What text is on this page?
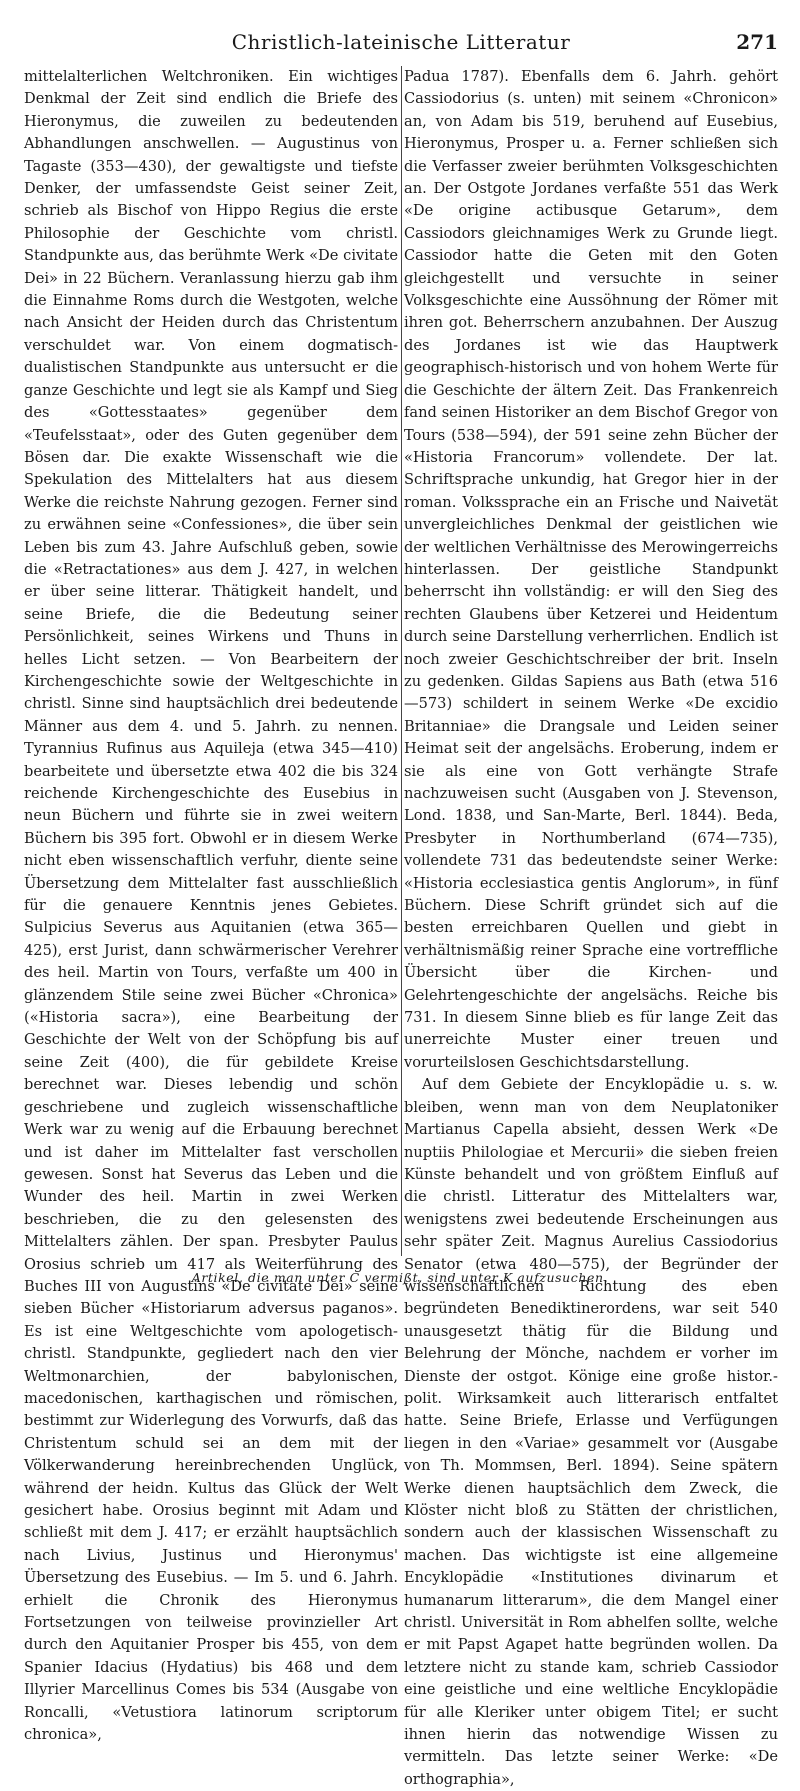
Christlich-lateinische Litteratur	271

mittelalterlichen Weltchroniken. Ein wichtiges Denkmal der Zeit sind endlich die Briefe des Hieronymus, die zuweilen zu bedeutenden Abhandlungen anschwellen. — Augustinus von Tagaste (353—430), der gewaltigste und tiefste Denker, der umfassendste Geist seiner Zeit, schrieb als Bischof von Hippo Regius die erste Philosophie der Geschichte vom christl. Standpunkte aus, das berühmte Werk «De civitate Dei» in 22 Büchern. Veranlassung hierzu gab ihm die Einnahme Roms durch die Westgoten, welche nach Ansicht der Heiden durch das Christentum verschuldet war. Von einem dogmatisch-dualistischen Standpunkte aus untersucht er die ganze Geschichte und legt sie als Kampf und Sieg des «Gottesstaates» gegenüber dem «Teufelsstaat», oder des Guten gegenüber dem Bösen dar. Die exakte Wissenschaft wie die Spekulation des Mittelalters hat aus diesem Werke die reichste Nahrung gezogen. Ferner sind zu erwähnen seine «Confessiones», die über sein Leben bis zum 43. Jahre Aufschluß geben, sowie die «Retractationes» aus dem J. 427, in welchen er über seine litterar. Thätigkeit handelt, und seine Briefe, die die Bedeutung seiner Persönlichkeit, seines Wirkens und Thuns in helles Licht setzen. — Von Bearbeitern der Kirchengeschichte sowie der Weltgeschichte in christl. Sinne sind hauptsächlich drei bedeutende Männer aus dem 4. und 5. Jahrh. zu nennen. Tyrannius Rufinus aus Aquileja (etwa 345—410) bearbeitete und übersetzte etwa 402 die bis 324 reichende Kirchengeschichte des Eusebius in neun Büchern und führte sie in zwei weitern Büchern bis 395 fort. Obwohl er in diesem Werke nicht eben wissenschaftlich verfuhr, diente seine Übersetzung dem Mittelalter fast ausschließlich für die genauere Kenntnis jenes Gebietes. Sulpicius Severus aus Aquitanien (etwa 365—425), erst Jurist, dann schwärmerischer Verehrer des heil. Martin von Tours, verfaßte um 400 in glänzendem Stile seine zwei Bücher «Chronica» («Historia sacra»), eine Bearbeitung der Geschichte der Welt von der Schöpfung bis auf seine Zeit (400), die für gebildete Kreise berechnet war. Dieses lebendig und schön geschriebene und zugleich wissenschaftliche Werk war zu wenig auf die Erbauung berechnet und ist daher im Mittelalter fast verschollen gewesen. Sonst hat Severus das Leben und die Wunder des heil. Martin in zwei Werken beschrieben, die zu den gelesensten des Mittelalters zählen. Der span. Presbyter Paulus Orosius schrieb um 417 als Weiterführung des Buches III von Augustins «De civitate Dei» seine sieben Bücher «Historiarum adversus paganos». Es ist eine Weltgeschichte vom apologetisch-christl. Standpunkte, gegliedert nach den vier Weltmonarchien, der babylonischen, macedonischen, karthagischen und römischen, bestimmt zur Widerlegung des Vorwurfs, daß das Christentum schuld sei an dem mit der Völkerwanderung hereinbrechenden Unglück, während der heidn. Kultus das Glück der Welt gesichert habe. Orosius beginnt mit Adam und schließt mit dem J. 417; er erzählt hauptsächlich nach Livius, Justinus und Hieronymus' Übersetzung des Eusebius. — Im 5. und 6. Jahrh. erhielt die Chronik des Hieronymus Fortsetzungen von teilweise provinzieller Art durch den Aquitanier Prosper bis 455, von dem Spanier Idacius (Hydatius) bis 468 und dem Illyrier Marcellinus Comes bis 534 (Ausgabe von Roncalli, «Vetustiora latinorum scriptorum chronica»,

Padua 1787). Ebenfalls dem 6. Jahrh. gehört Cassiodorius (s. unten) mit seinem «Chronicon» an, von Adam bis 519, beruhend auf Eusebius, Hieronymus, Prosper u. a. Ferner schließen sich die Verfasser zweier berühmten Volksgeschichten an. Der Ostgote Jordanes verfaßte 551 das Werk «De origine actibusque Getarum», dem Cassiodors gleichnamiges Werk zu Grunde liegt. Cassiodor hatte die Geten mit den Goten gleichgestellt und versuchte in seiner Volksgeschichte eine Aussöhnung der Römer mit ihren got. Beherrschern anzubahnen. Der Auszug des Jordanes ist wie das Hauptwerk geographisch-historisch und von hohem Werte für die Geschichte der ältern Zeit. Das Frankenreich fand seinen Historiker an dem Bischof Gregor von Tours (538—594), der 591 seine zehn Bücher der «Historia Francorum» vollendete. Der lat. Schriftsprache unkundig, hat Gregor hier in der roman. Volkssprache ein an Frische und Naivetät unvergleichliches Denkmal der geistlichen wie der weltlichen Verhältnisse des Merowingerreichs hinterlassen. Der geistliche Standpunkt beherrscht ihn vollständig: er will den Sieg des rechten Glaubens über Ketzerei und Heidentum durch seine Darstellung verherrlichen. Endlich ist noch zweier Geschichtschreiber der brit. Inseln zu gedenken. Gildas Sapiens aus Bath (etwa 516—573) schildert in seinem Werke «De excidio Britanniae» die Drangsale und Leiden seiner Heimat seit der angelsächs. Eroberung, indem er sie als eine von Gott verhängte Strafe nachzuweisen sucht (Ausgaben von J. Stevenson, Lond. 1838, und San-Marte, Berl. 1844). Beda, Presbyter in Northumberland (674—735), vollendete 731 das bedeutendste seiner Werke: «Historia ecclesiastica gentis Anglorum», in fünf Büchern. Diese Schrift gründet sich auf die besten erreichbaren Quellen und giebt in verhältnismäßig reiner Sprache eine vortreffliche Übersicht über die Kirchen- und Gelehrtengeschichte der angelsächs. Reiche bis 731. In diesem Sinne blieb es für lange Zeit das unerreichte Muster einer treuen und vorurteilslosen Geschichtsdarstellung.

Auf dem Gebiete der Encyklopädie u. s. w. bleiben, wenn man von dem Neuplatoniker Martianus Capella absieht, dessen Werk «De nuptiis Philologiae et Mercurii» die sieben freien Künste behandelt und von größtem Einfluß auf die christl. Litteratur des Mittelalters war, wenigstens zwei bedeutende Erscheinungen aus sehr später Zeit. Magnus Aurelius Cassiodorius Senator (etwa 480—575), der Begründer der wissenschaftlichen Richtung des eben begründeten Benediktinerordens, war seit 540 unausgesetzt thätig für die Bildung und Belehrung der Mönche, nachdem er vorher im Dienste der ostgot. Könige eine große histor.-polit. Wirksamkeit auch litterarisch entfaltet hatte. Seine Briefe, Erlasse und Verfügungen liegen in den «Variae» gesammelt vor (Ausgabe von Th. Mommsen, Berl. 1894). Seine spätern Werke dienen hauptsächlich dem Zweck, die Klöster nicht bloß zu Stätten der christlichen, sondern auch der klassischen Wissenschaft zu machen. Das wichtigste ist eine allgemeine Encyklopädie «Institutiones divinarum et humanarum litterarum», die dem Mangel einer christl. Universität in Rom abhelfen sollte, welche er mit Papst Agapet hatte begründen wollen. Da letztere nicht zu stande kam, schrieb Cassiodor eine geistliche und eine weltliche Encyklopädie für alle Kleriker unter obigem Titel; er sucht ihnen hierin das notwendige Wissen zu vermitteln. Das letzte seiner Werke: «De orthographia»,

Artikel, die man unter C vermißt, sind unter K aufzusuchen.
